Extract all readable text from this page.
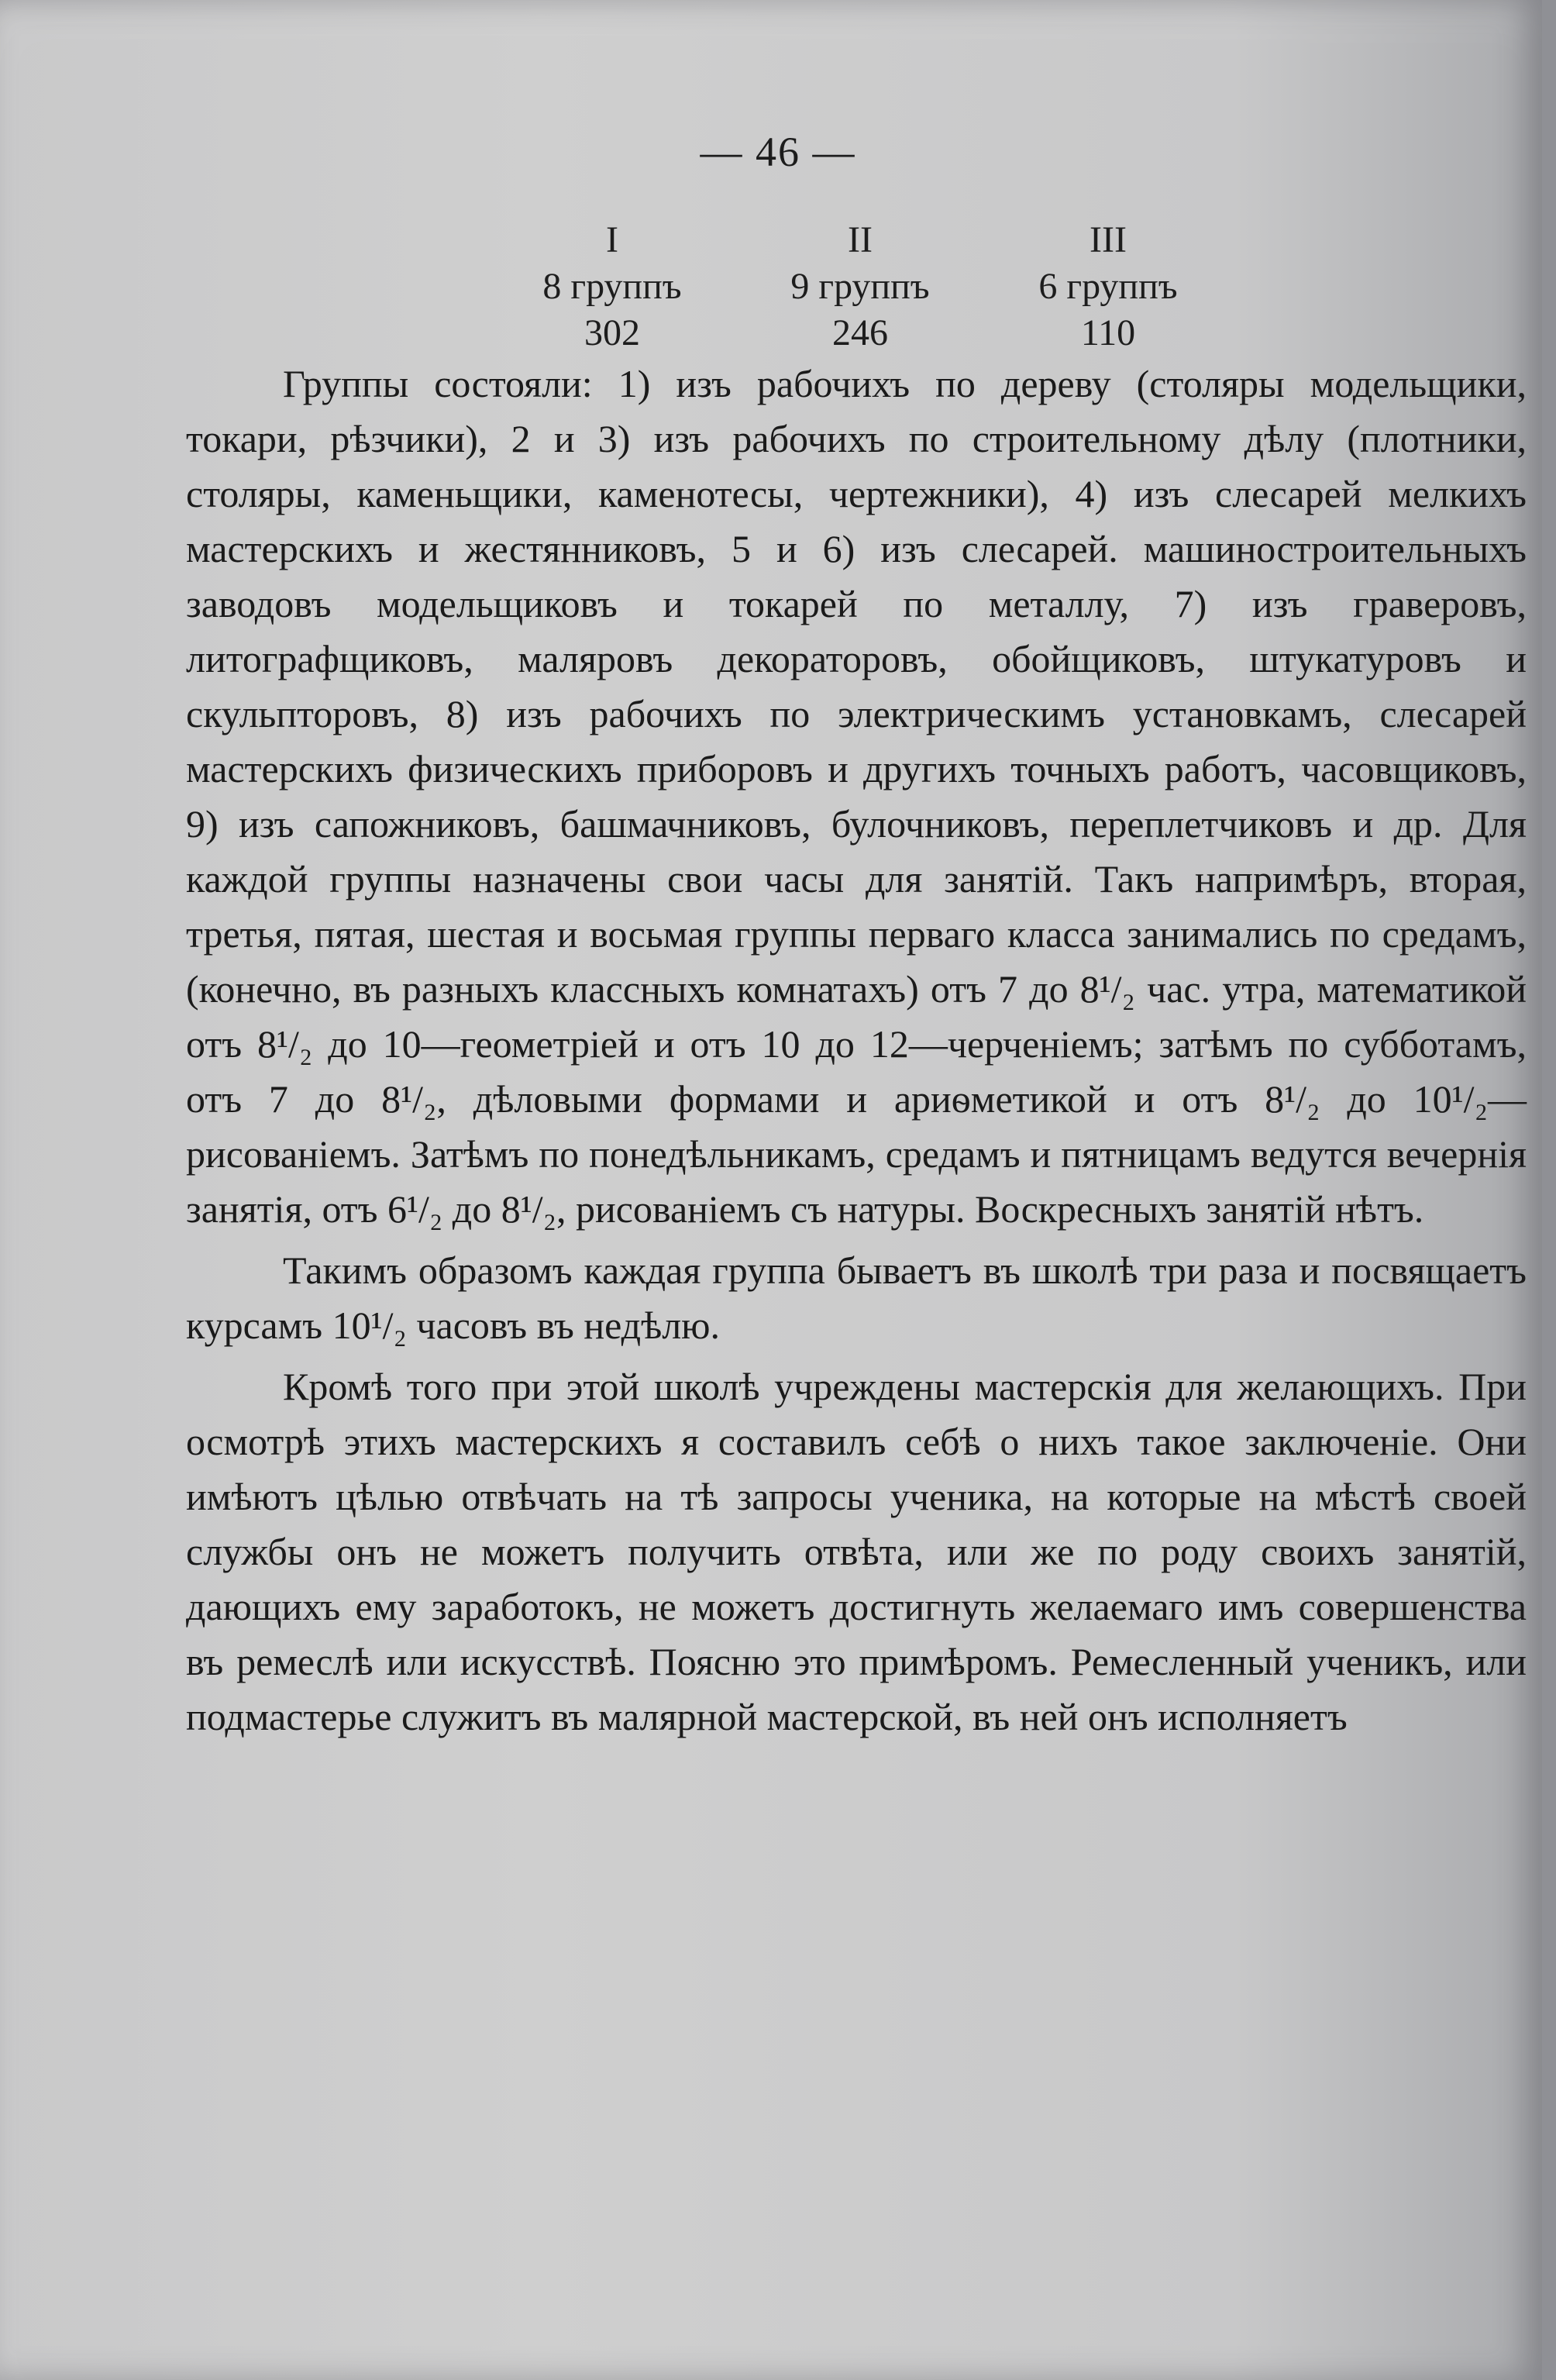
— 46 —
I	II	III
8 группъ	9 группъ	6 группъ
302	246	110

Группы состояли: 1) изъ рабочихъ по дереву (столяры модельщики, токари, рѣзчики), 2 и 3) изъ рабочихъ по строительному дѣлу (плотники, столяры, каменьщики, каменотесы, чертежники), 4) изъ слесарей мелкихъ мастерскихъ и жестянниковъ, 5 и 6) изъ слесарей. машиностроительныхъ заводовъ модельщиковъ и токарей по металлу, 7) изъ граверовъ, литографщиковъ, маляровъ декораторовъ, обойщиковъ, штукатуровъ и скульпторовъ, 8) изъ рабочихъ по электрическимъ установкамъ, слесарей мастерскихъ физическихъ приборовъ и другихъ точныхъ работъ, часовщиковъ, 9) изъ сапожниковъ, башмачниковъ, булочниковъ, переплетчиковъ и др. Для каждой группы назначены свои часы для занятій. Такъ напримѣръ, вторая, третья, пятая, шестая и восьмая группы перваго класса занимались по средамъ, (конечно, въ разныхъ классныхъ комнатахъ) отъ 7 до 8¹/₂ час. утра, математикой отъ 8¹/₂ до 10—геометріей и отъ 10 до 12—черченіемъ; затѣмъ по субботамъ, отъ 7 до 8¹/₂, дѣловыми формами и ариѳметикой и отъ 8¹/₂ до 10¹/₂—рисованіемъ. Затѣмъ по понедѣльникамъ, средамъ и пятницамъ ведутся вечернія занятія, отъ 6¹/₂ до 8¹/₂, рисованіемъ съ натуры. Воскресныхъ занятій нѣтъ.

Такимъ образомъ каждая группа бываетъ въ школѣ три раза и посвящаетъ курсамъ 10¹/₂ часовъ въ недѣлю.

Кромѣ того при этой школѣ учреждены мастерскія для желающихъ. При осмотрѣ этихъ мастерскихъ я составилъ себѣ о нихъ такое заключеніе. Они имѣютъ цѣлью отвѣчать на тѣ запросы ученика, на которые на мѣстѣ своей службы онъ не можетъ получить отвѣта, или же по роду своихъ занятій, дающихъ ему заработокъ, не можетъ достигнуть желаемаго имъ совершенства въ ремеслѣ или искусствѣ. Поясню это примѣромъ. Ремесленный ученикъ, или подмастерье служитъ въ малярной мастерской, въ ней онъ исполняетъ
